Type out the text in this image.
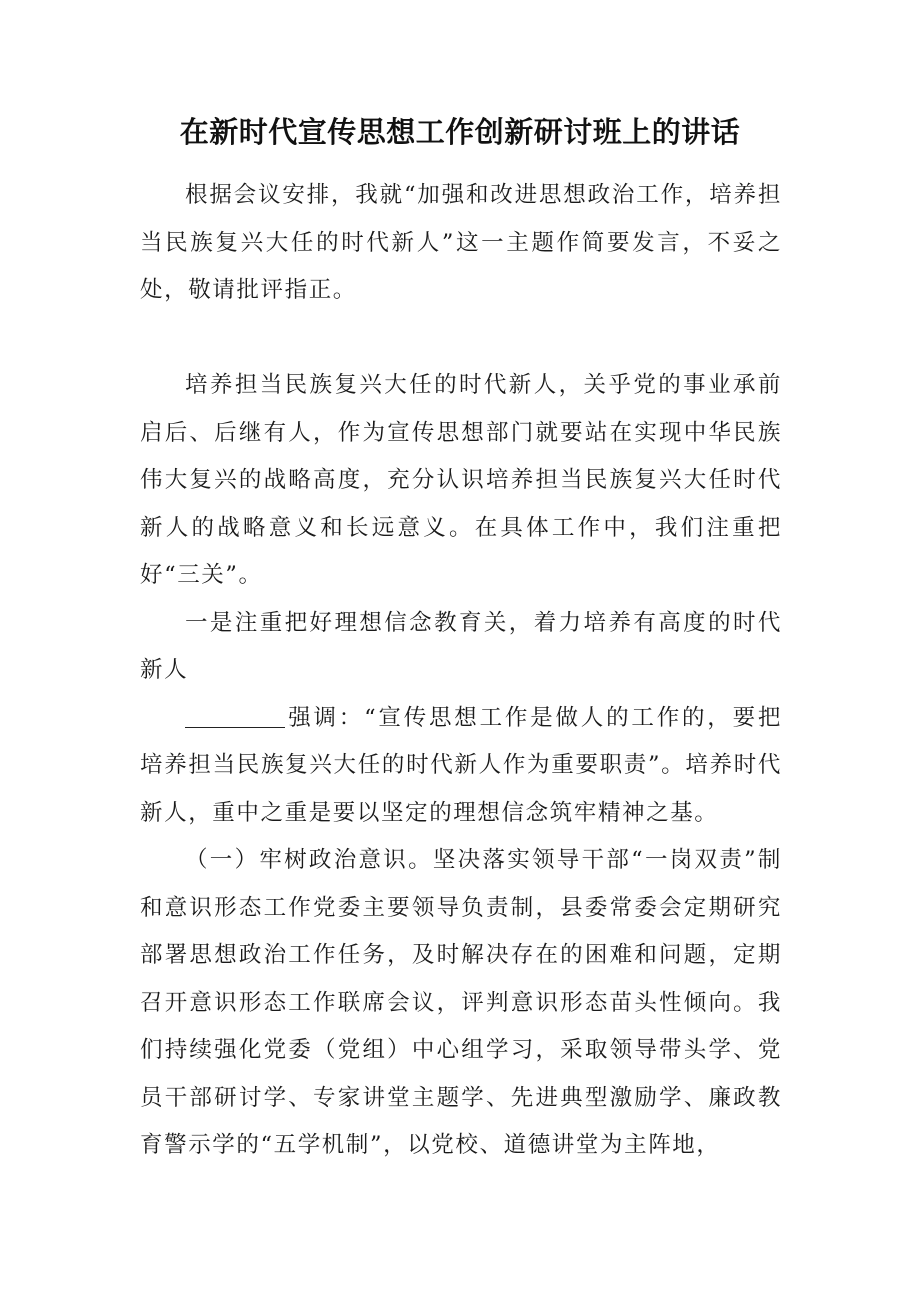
在新时代宣传思想工作创新研讨班上的讲话

根据会议安排，我就“加强和改进思想政治工作，培养担当民族复兴大任的时代新人”这一主题作简要发言，不妥之处，敬请批评指正。

培养担当民族复兴大任的时代新人，关乎党的事业承前启后、后继有人，作为宣传思想部门就要站在实现中华民族伟大复兴的战略高度，充分认识培养担当民族复兴大任时代新人的战略意义和长远意义。在具体工作中，我们注重把好“三关”。

一是注重把好理想信念教育关，着力培养有高度的时代新人

强调：“宣传思想工作是做人的工作的，要把培养担当民族复兴大任的时代新人作为重要职责”。培养时代新人，重中之重是要以坚定的理想信念筑牢精神之基。

（一）牢树政治意识。坚决落实领导干部“一岗双责”制和意识形态工作党委主要领导负责制，县委常委会定期研究部署思想政治工作任务，及时解决存在的困难和问题，定期召开意识形态工作联席会议，评判意识形态苗头性倾向。我们持续强化党委（党组）中心组学习，采取领导带头学、党员干部研讨学、专家讲堂主题学、先进典型激励学、廉政教育警示学的“五学机制”，以党校、道德讲堂为主阵地，
